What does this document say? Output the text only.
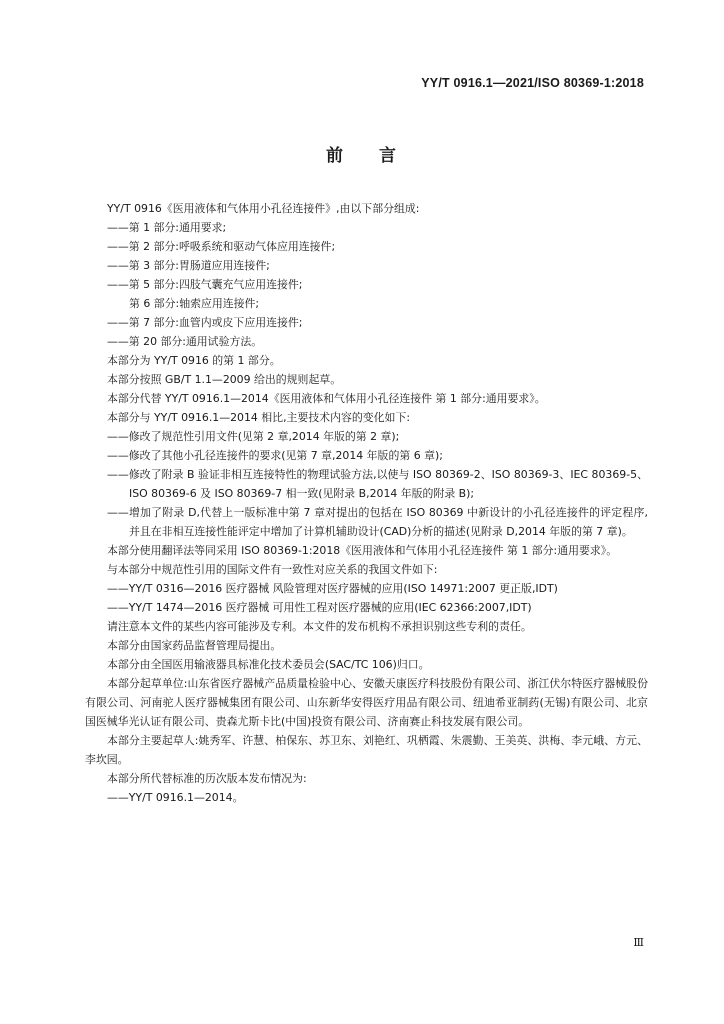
YY/T 0916.1—2021/ISO 80369-1:2018
前 言

YY/T 0916《医用液体和气体用小孔径连接件》,由以下部分组成:

——第 1 部分:通用要求;

——第 2 部分:呼吸系统和驱动气体应用连接件;

——第 3 部分:胃肠道应用连接件;

——第 5 部分:四肢气囊充气应用连接件;

第 6 部分:轴索应用连接件;

——第 7 部分:血管内或皮下应用连接件;

——第 20 部分:通用试验方法。

本部分为 YY/T 0916 的第 1 部分。

本部分按照 GB/T 1.1—2009 给出的规则起草。

本部分代替 YY/T 0916.1—2014《医用液体和气体用小孔径连接件 第 1 部分:通用要求》。

本部分与 YY/T 0916.1—2014 相比,主要技术内容的变化如下:

——修改了规范性引用文件(见第 2 章,2014 年版的第 2 章);

——修改了其他小孔径连接件的要求(见第 7 章,2014 年版的第 6 章);

——修改了附录 B 验证非相互连接特性的物理试验方法,以使与 ISO 80369-2、ISO 80369-3、IEC 80369-5、ISO 80369-6 及 ISO 80369-7 相一致(见附录 B,2014 年版的附录 B);

——增加了附录 D,代替上一版标准中第 7 章对提出的包括在 ISO 80369 中新设计的小孔径连接件的评定程序,并且在非相互连接性能评定中增加了计算机辅助设计(CAD)分析的描述(见附录 D,2014 年版的第 7 章)。

本部分使用翻译法等同采用 ISO 80369-1:2018《医用液体和气体用小孔径连接件 第 1 部分:通用要求》。

与本部分中规范性引用的国际文件有一致性对应关系的我国文件如下:

——YY/T 0316—2016 医疗器械 风险管理对医疗器械的应用(ISO 14971:2007 更正版,IDT)

——YY/T 1474—2016 医疗器械 可用性工程对医疗器械的应用(IEC 62366:2007,IDT)

请注意本文件的某些内容可能涉及专利。本文件的发布机构不承担识别这些专利的责任。

本部分由国家药品监督管理局提出。

本部分由全国医用输液器具标准化技术委员会(SAC/TC 106)归口。

本部分起草单位:山东省医疗器械产品质量检验中心、安徽天康医疗科技股份有限公司、浙江伏尔特医疗器械股份有限公司、河南驼人医疗器械集团有限公司、山东新华安得医疗用品有限公司、纽迪希亚制药(无锡)有限公司、北京国医械华光认证有限公司、贵森尤斯卡比(中国)投资有限公司、济南赛止科技发展有限公司。

本部分主要起草人:姚秀军、许慧、柏保东、苏卫东、刘艳红、巩栖霞、朱震勤、王美英、洪梅、李元峨、方元、李坎园。

本部分所代替标准的历次版本发布情况为:

——YY/T 0916.1—2014。

Ⅲ
